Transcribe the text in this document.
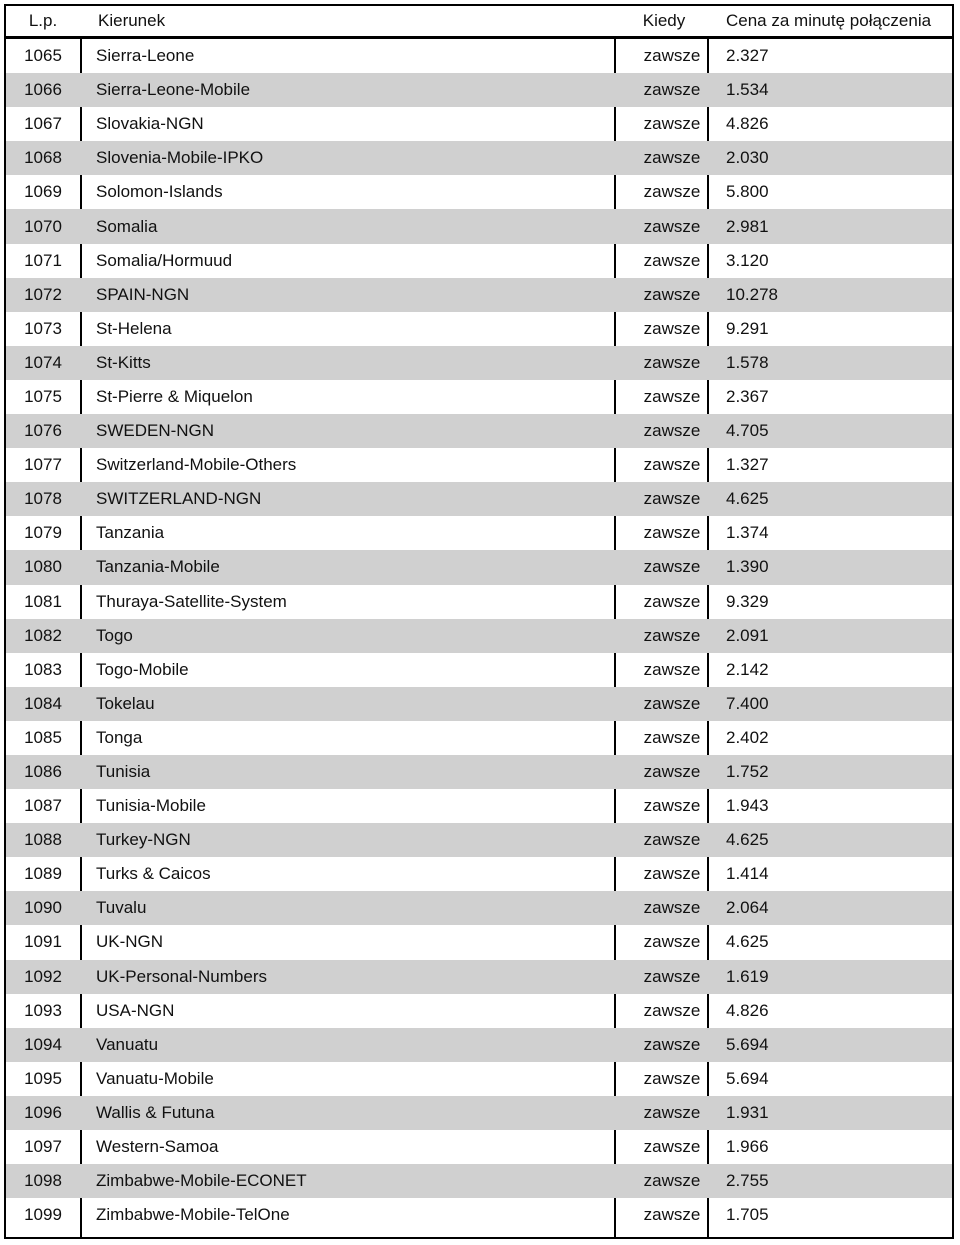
L.p.	Kierunek	Kiedy	Cena za minutę połączenia
1065	Sierra-Leone	zawsze	2.327
1066	Sierra-Leone-Mobile	zawsze	1.534
1067	Slovakia-NGN	zawsze	4.826
1068	Slovenia-Mobile-IPKO	zawsze	2.030
1069	Solomon-Islands	zawsze	5.800
1070	Somalia	zawsze	2.981
1071	Somalia/Hormuud	zawsze	3.120
1072	SPAIN-NGN	zawsze	10.278
1073	St-Helena	zawsze	9.291
1074	St-Kitts	zawsze	1.578
1075	St-Pierre & Miquelon	zawsze	2.367
1076	SWEDEN-NGN	zawsze	4.705
1077	Switzerland-Mobile-Others	zawsze	1.327
1078	SWITZERLAND-NGN	zawsze	4.625
1079	Tanzania	zawsze	1.374
1080	Tanzania-Mobile	zawsze	1.390
1081	Thuraya-Satellite-System	zawsze	9.329
1082	Togo	zawsze	2.091
1083	Togo-Mobile	zawsze	2.142
1084	Tokelau	zawsze	7.400
1085	Tonga	zawsze	2.402
1086	Tunisia	zawsze	1.752
1087	Tunisia-Mobile	zawsze	1.943
1088	Turkey-NGN	zawsze	4.625
1089	Turks & Caicos	zawsze	1.414
1090	Tuvalu	zawsze	2.064
1091	UK-NGN	zawsze	4.625
1092	UK-Personal-Numbers	zawsze	1.619
1093	USA-NGN	zawsze	4.826
1094	Vanuatu	zawsze	5.694
1095	Vanuatu-Mobile	zawsze	5.694
1096	Wallis & Futuna	zawsze	1.931
1097	Western-Samoa	zawsze	1.966
1098	Zimbabwe-Mobile-ECONET	zawsze	2.755
1099	Zimbabwe-Mobile-TelOne	zawsze	1.705
